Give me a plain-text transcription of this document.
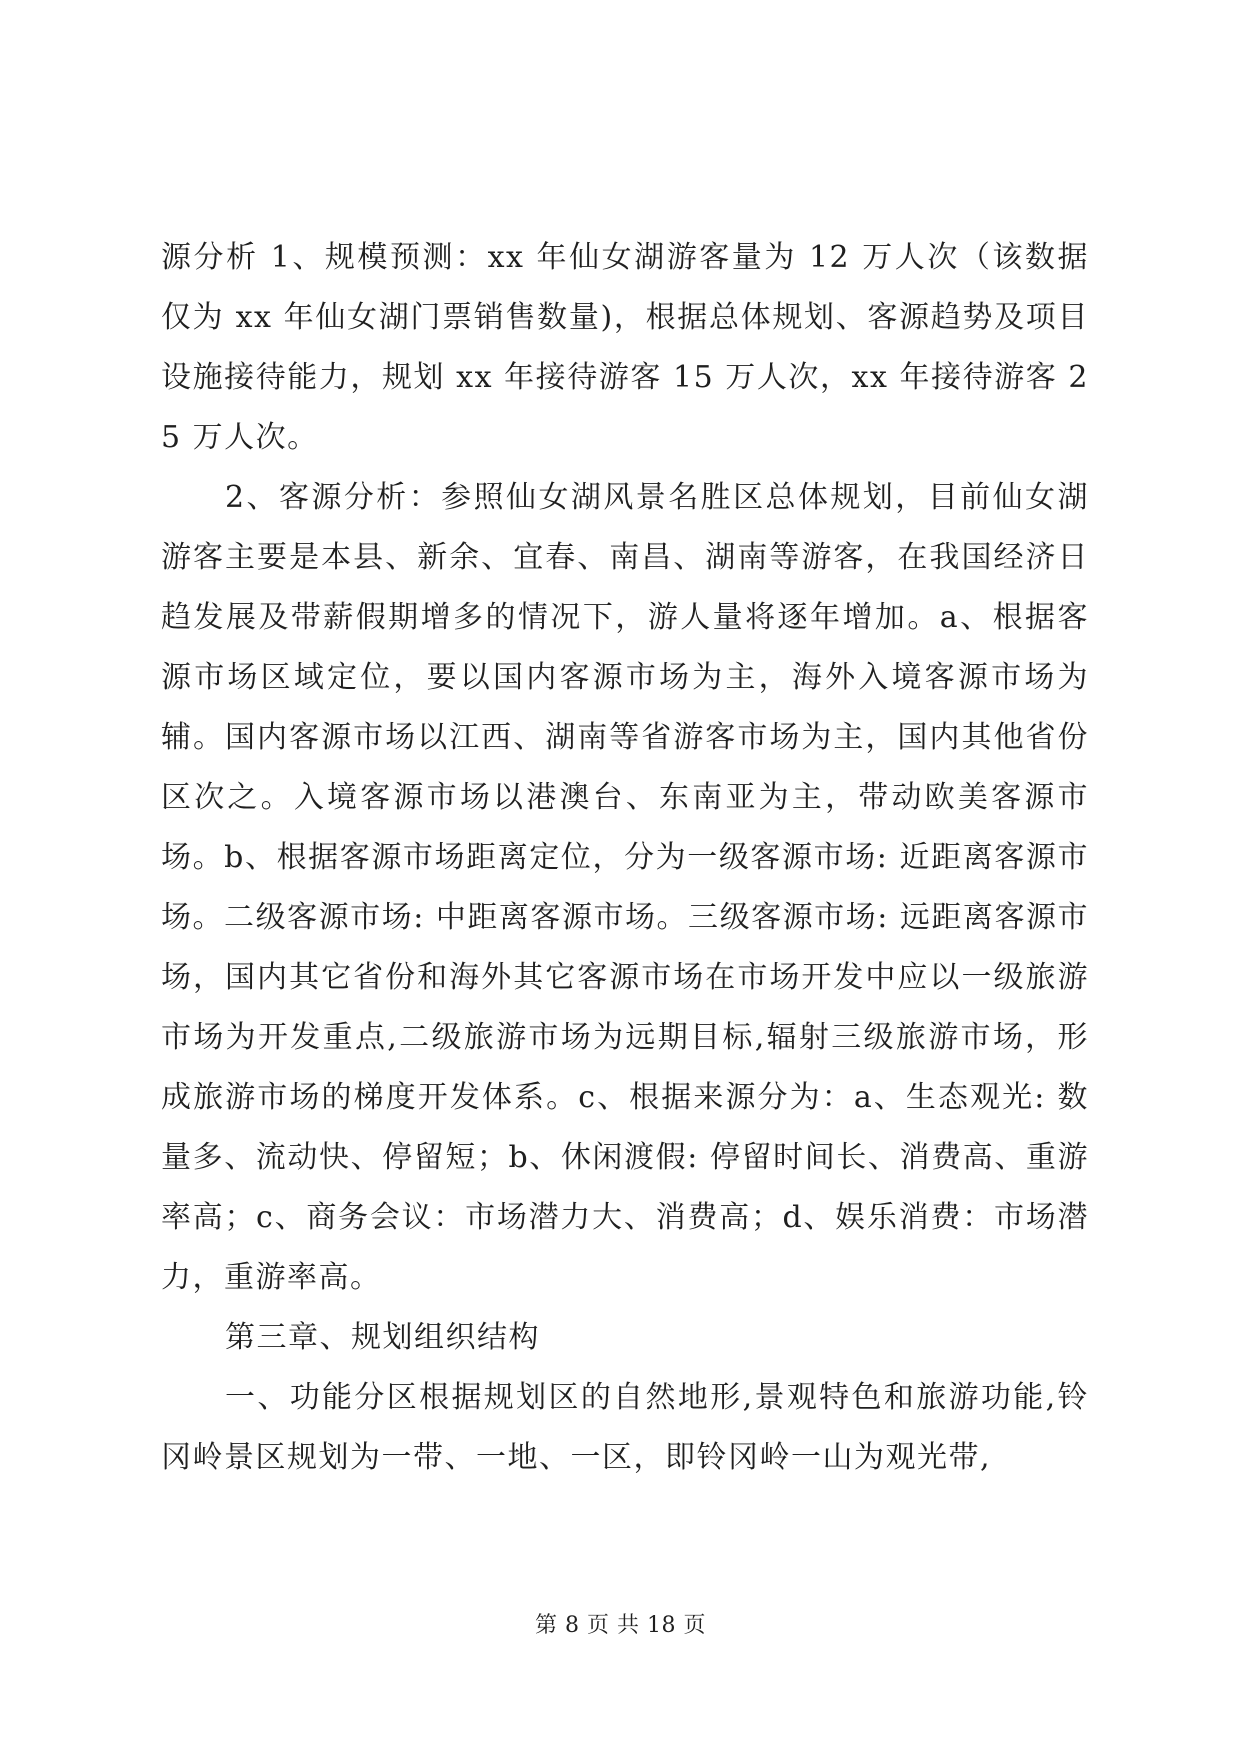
源分析 1、规模预测：xx 年仙女湖游客量为 12 万人次（该数据仅为 xx 年仙女湖门票销售数量)，根据总体规划、客源趋势及项目设施接待能力，规划 xx 年接待游客 15 万人次，xx 年接待游客 25 万人次。

2、客源分析：参照仙女湖风景名胜区总体规划，目前仙女湖游客主要是本县、新余、宜春、南昌、湖南等游客，在我国经济日趋发展及带薪假期增多的情况下，游人量将逐年增加。a、根据客源市场区域定位，要以国内客源市场为主，海外入境客源市场为辅。国内客源市场以江西、湖南等省游客市场为主，国内其他省份区次之。入境客源市场以港澳台、东南亚为主，带动欧美客源市场。b、根据客源市场距离定位，分为一级客源市场: 近距离客源市场。二级客源市场: 中距离客源市场。三级客源市场: 远距离客源市场，国内其它省份和海外其它客源市场在市场开发中应以一级旅游市场为开发重点,二级旅游市场为远期目标,辐射三级旅游市场，形成旅游市场的梯度开发体系。c、根据来源分为：a、生态观光: 数量多、流动快、停留短；b、休闲渡假: 停留时间长、消费高、重游率高；c、商务会议：市场潜力大、消费高；d、娱乐消费：市场潜力，重游率高。

第三章、规划组织结构

一、功能分区根据规划区的自然地形,景观特色和旅游功能,铃冈岭景区规划为一带、一地、一区，即铃冈岭一山为观光带,

第 8 页 共 18 页
